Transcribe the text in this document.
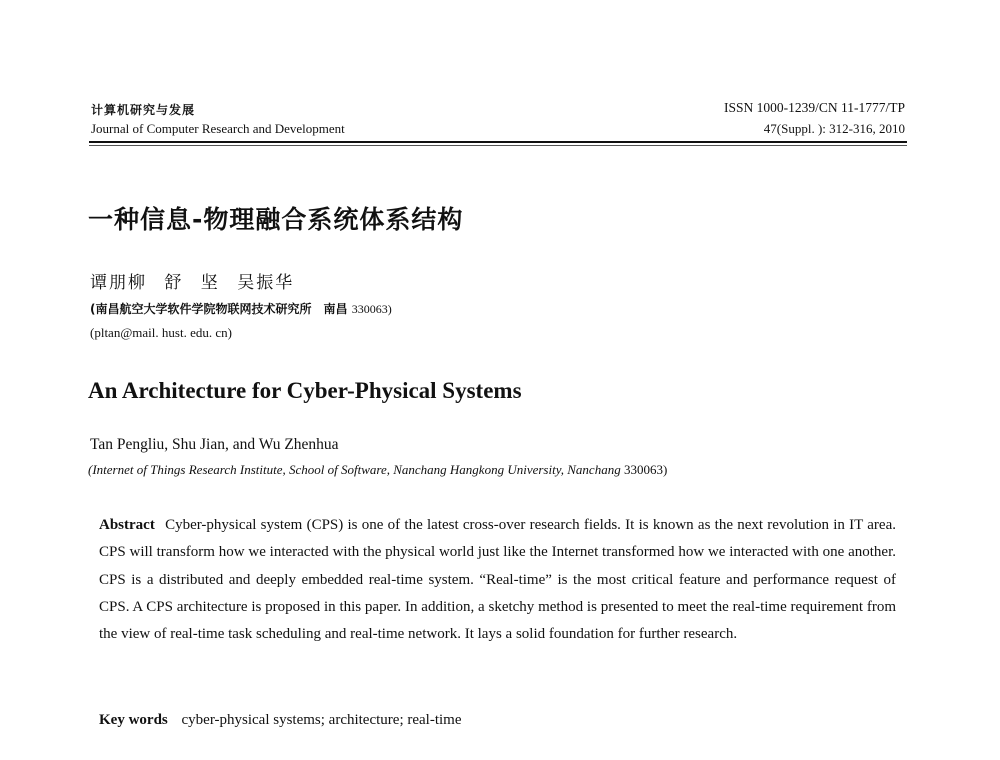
计算机研究与发展
Journal of Computer Research and Development
ISSN 1000-1239/CN 11-1777/TP
47(Suppl. ): 312-316, 2010
一种信息-物理融合系统体系结构
谭朋柳 舒 坚 吴振华
(南昌航空大学软件学院物联网技术研究所　南昌 330063)
(pltan@mail. hust. edu. cn)
An Architecture for Cyber-Physical Systems
Tan Pengliu, Shu Jian, and Wu Zhenhua
(Internet of Things Research Institute, School of Software, Nanchang Hangkong University, Nanchang 330063)
Abstract Cyber-physical system (CPS) is one of the latest cross-over research fields. It is known as the next revolution in IT area. CPS will transform how we interacted with the physical world just like the Internet transformed how we interacted with one another. CPS is a distributed and deeply embedded real-time system. “Real-time” is the most critical feature and performance request of CPS. A CPS architecture is proposed in this paper. In addition, a sketchy method is presented to meet the real-time requirement from the view of real-time task scheduling and real-time network. It lays a solid foundation for further research.
Key words cyber-physical systems; architecture; real-time
